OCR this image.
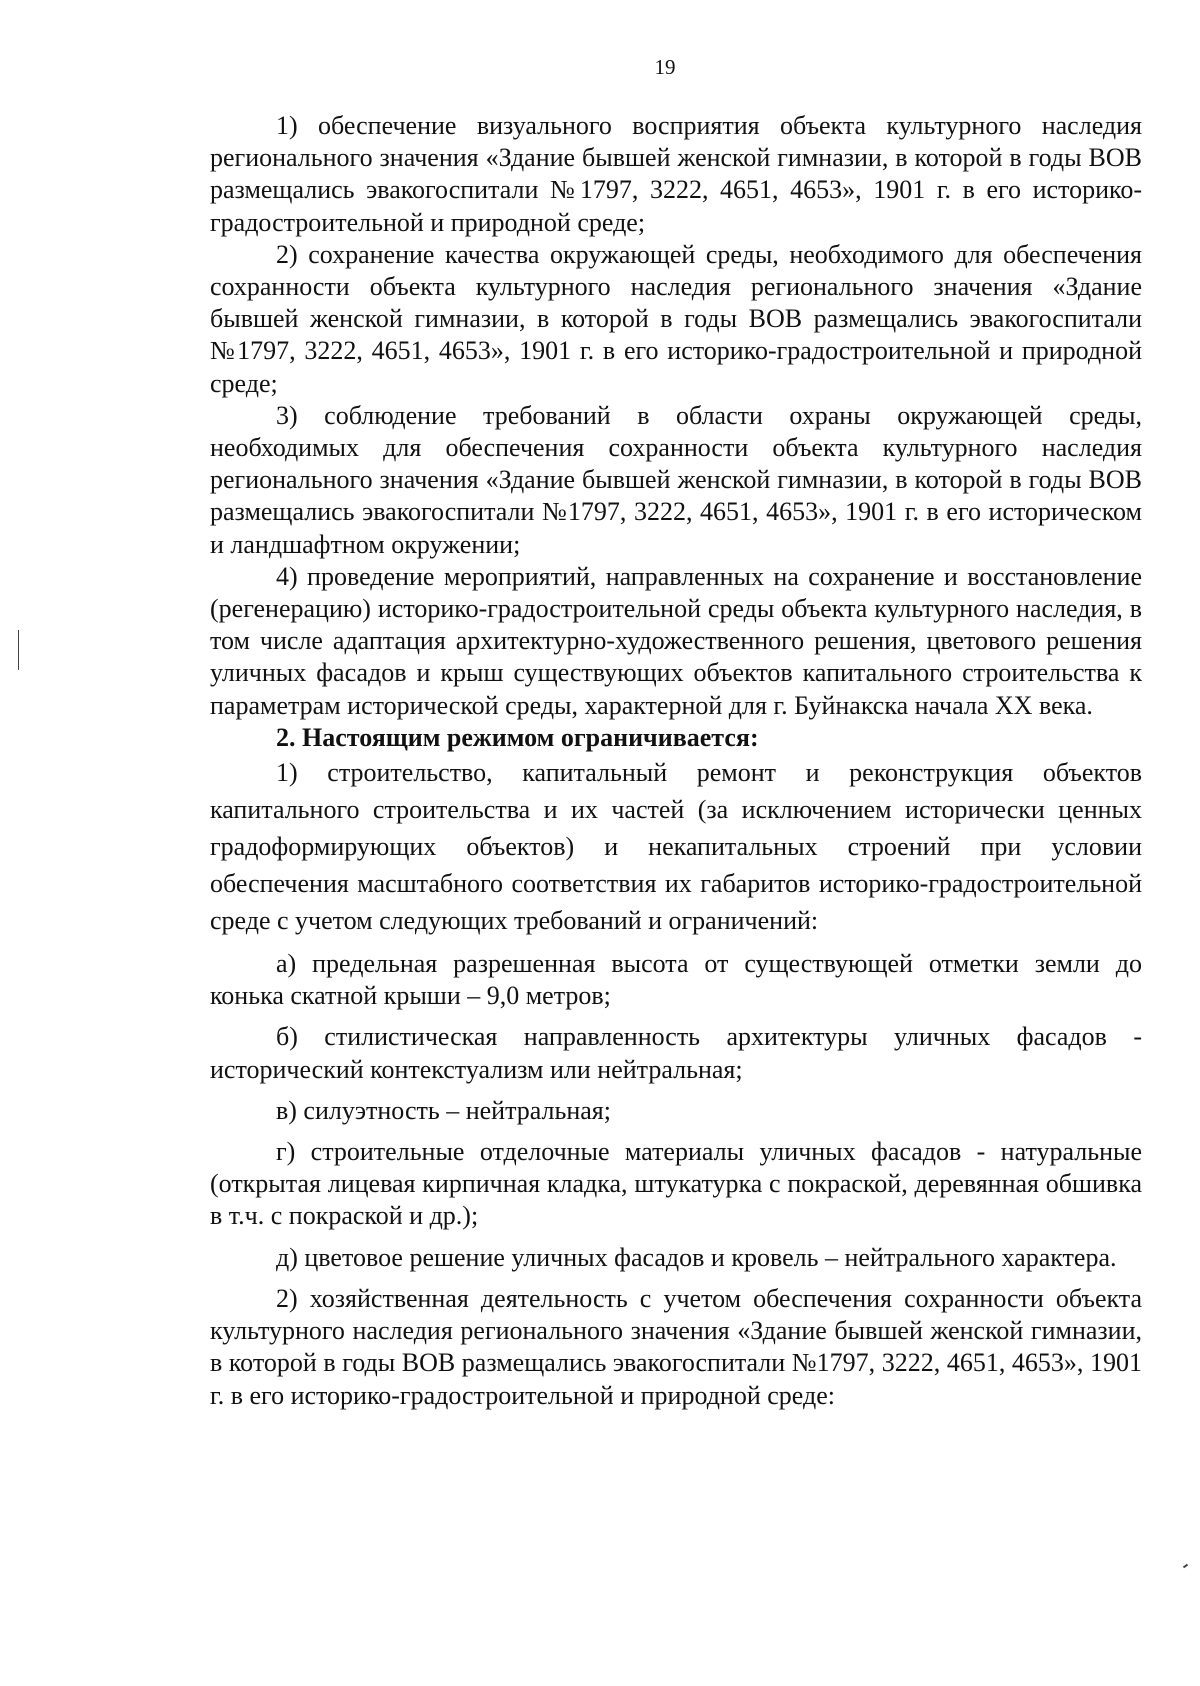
19

1) обеспечение визуального восприятия объекта культурного наследия регионального значения «Здание бывшей женской гимназии, в которой в годы ВОВ размещались эвакогоспитали №1797, 3222, 4651, 4653», 1901 г. в его историко-градостроительной и природной среде;

2) сохранение качества окружающей среды, необходимого для обеспечения сохранности объекта культурного наследия регионального значения «Здание бывшей женской гимназии, в которой в годы ВОВ размещались эвакогоспитали №1797, 3222, 4651, 4653», 1901 г. в его историко-градостроительной и природной среде;

3) соблюдение требований в области охраны окружающей среды, необходимых для обеспечения сохранности объекта культурного наследия регионального значения «Здание бывшей женской гимназии, в которой в годы ВОВ размещались эвакогоспитали №1797, 3222, 4651, 4653», 1901 г. в его историческом и ландшафтном окружении;

4) проведение мероприятий, направленных на сохранение и восстановление (регенерацию) историко-градостроительной среды объекта культурного наследия, в том числе адаптация архитектурно-художественного решения, цветового решения уличных фасадов и крыш существующих объектов капитального строительства к параметрам исторической среды, характерной для г. Буйнакска начала XX века.

2. Настоящим режимом ограничивается:

1) строительство, капитальный ремонт и реконструкция объектов капитального строительства и их частей (за исключением исторически ценных градоформирующих объектов) и некапитальных строений при условии обеспечения масштабного соответствия их габаритов историко-градостроительной среде с учетом следующих требований и ограничений:

а) предельная разрешенная высота от существующей отметки земли до конька скатной крыши – 9,0 метров;

б) стилистическая направленность архитектуры уличных фасадов - исторический контекстуализм или нейтральная;

в) силуэтность – нейтральная;

г) строительные отделочные материалы уличных фасадов - натуральные (открытая лицевая кирпичная кладка, штукатурка с покраской, деревянная обшивка в т.ч. с покраской и др.);

д) цветовое решение уличных фасадов и кровель – нейтрального характера.

2) хозяйственная деятельность с учетом обеспечения сохранности объекта культурного наследия регионального значения «Здание бывшей женской гимназии, в которой в годы ВОВ размещались эвакогоспитали №1797, 3222, 4651, 4653», 1901 г. в его историко-градостроительной и природной среде:
